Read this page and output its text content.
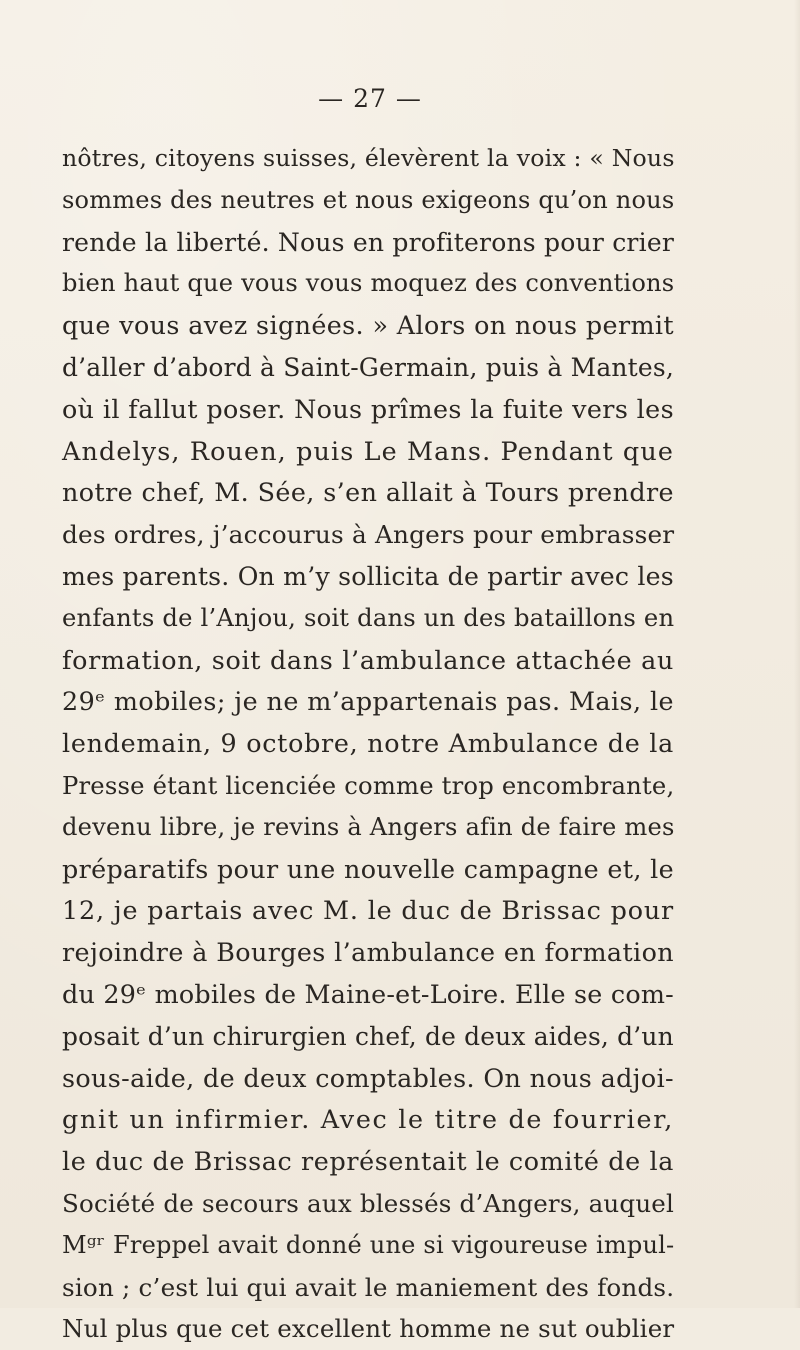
— 27 —
nôtres, citoyens suisses, élevèrent la voix : « Nous
sommes des neutres et nous exigeons qu’on nous
rende la liberté. Nous en profiterons pour crier
bien haut que vous vous moquez des conventions
que vous avez signées. » Alors on nous permit
d’aller d’abord à Saint-Germain, puis à Mantes,
où il fallut poser. Nous prîmes la fuite vers les
Andelys, Rouen, puis Le Mans. Pendant que
notre chef, M. Sée, s’en allait à Tours prendre
des ordres, j’accourus à Angers pour embrasser
mes parents. On m’y sollicita de partir avec les
enfants de l’Anjou, soit dans un des bataillons en
formation, soit dans l’ambulance attachée au
29ᵉ mobiles; je ne m’appartenais pas. Mais, le
lendemain, 9 octobre, notre Ambulance de la
Presse étant licenciée comme trop encombrante,
devenu libre, je revins à Angers afin de faire mes
préparatifs pour une nouvelle campagne et, le
12, je partais avec M. le duc de Brissac pour
rejoindre à Bourges l’ambulance en formation
du 29ᵉ mobiles de Maine-et-Loire. Elle se com-
posait d’un chirurgien chef, de deux aides, d’un
sous-aide, de deux comptables. On nous adjoi-
gnit un infirmier. Avec le titre de fourrier,
le duc de Brissac représentait le comité de la
Société de secours aux blessés d’Angers, auquel
Mᵍʳ Freppel avait donné une si vigoureuse impul-
sion ; c’est lui qui avait le maniement des fonds.
Nul plus que cet excellent homme ne sut oublier
